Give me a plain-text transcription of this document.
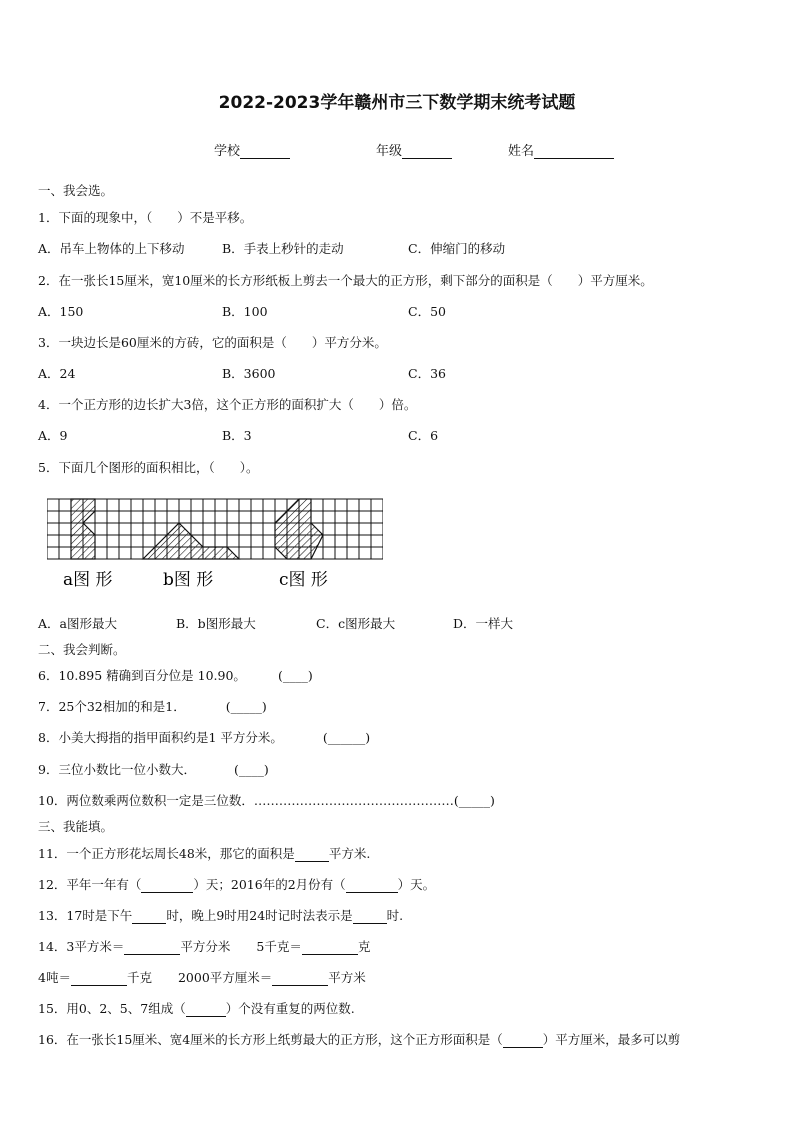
2022-2023学年赣州市三下数学期末统考试题
学校	年级	姓名
一、我会选。
1．下面的现象中，（　　）不是平移。
A．吊车上物体的上下移动	B．手表上秒针的走动	C．伸缩门的移动
2．在一张长15厘米，宽10厘米的长方形纸板上剪去一个最大的正方形，剩下部分的面积是（　　）平方厘米。
A．150	B．100	C．50
3．一块边长是60厘米的方砖，它的面积是（　　）平方分米。
A．24	B．3600	C．36
4．一个正方形的边长扩大3倍，这个正方形的面积扩大（　　）倍。
A．9	B．3	C．6
5．下面几个图形的面积相比，（　　）。
a图 形	b图 形	c图 形
A．a图形最大	B．b图形最大	C．c图形最大	D．一样大
二、我会判断。
6．10.895 精确到百分位是 10.90。	(____)
7．25个32相加的和是1．	(_____)
8．小美大拇指的指甲面积约是1 平方分米。	(______)
9．三位小数比一位小数大．	(____)
10．两位数乘两位数积一定是三位数．…………………………………………(_____)
三、我能填。
11．一个正方形花坛周长48米，那它的面积是	平方米.
12．平年一年有（	）天；2016年的2月份有（	）天。
13．17时是下午	时，晚上9时用24时记时法表示是	时.
14．3平方米＝	平方分米 5千克＝	克
4吨＝	千克 2000平方厘米＝	平方米
15．用0、2、5、7组成（	）个没有重复的两位数.
16．在一张长15厘米、宽4厘米的长方形上纸剪最大的正方形，这个正方形面积是（	）平方厘米，最多可以剪
